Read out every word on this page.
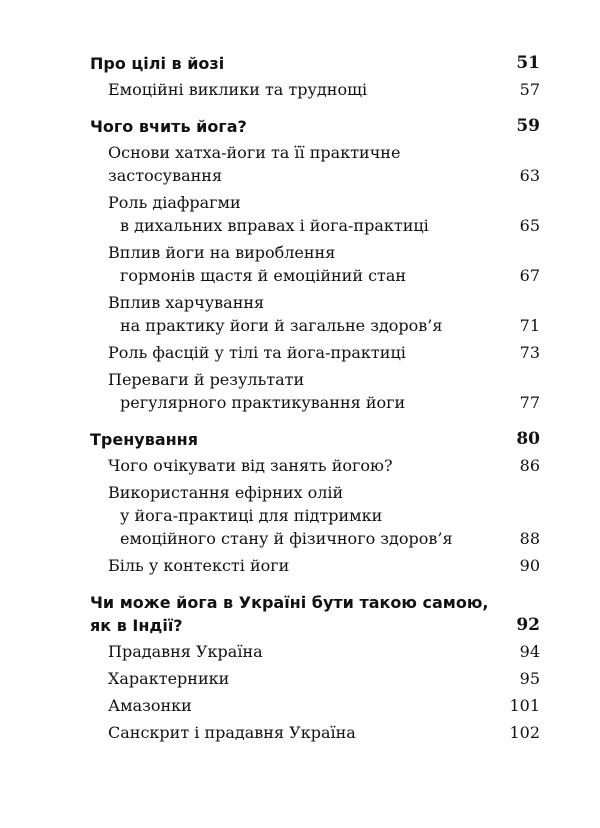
Про цілі в йозі	51
Емоційні виклики та труднощі	57
Чого вчить йога?	59
Основи хатха-йоги та її практичне застосування	63
Роль діафрагми
в дихальних вправах і йога-практиці	65
Вплив йоги на вироблення
гормонів щастя й емоційний стан	67
Вплив харчування
на практику йоги й загальне здоров’я	71
Роль фасцій у тілі та йога-практиці	73
Переваги й результати
регулярного практикування йоги	77
Тренування	80
Чого очікувати від занять йогою?	86
Використання ефірних олій
у йога-практиці для підтримки
емоційного стану й фізичного здоров’я	88
Біль у контексті йоги	90
Чи може йога в Україні бути такою самою,
як в Індії?	92
Прадавня Україна	94
Характерники	95
Амазонки	101
Санскрит і прадавня Україна	102
